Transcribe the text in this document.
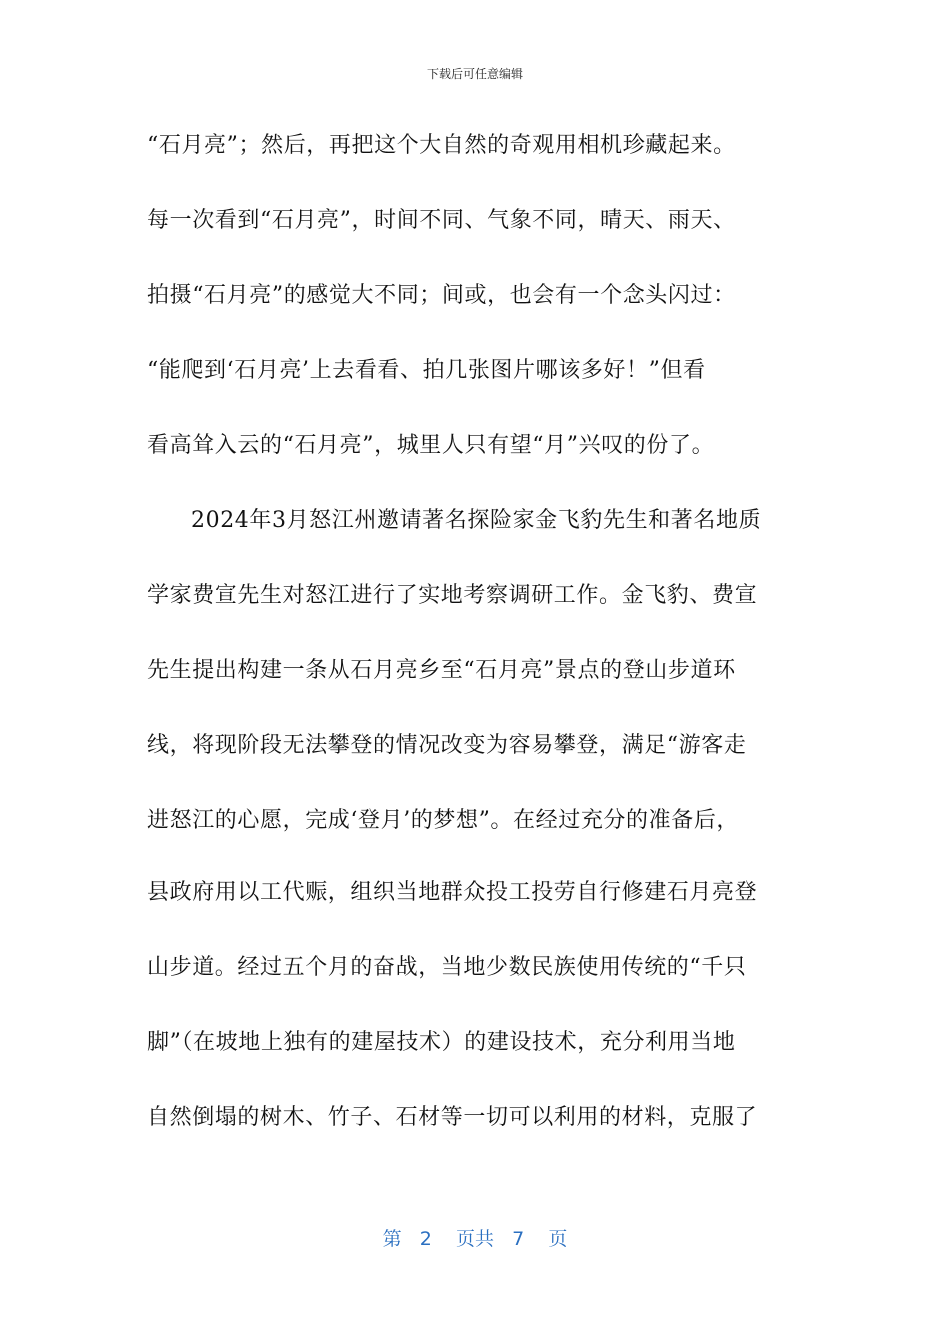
下载后可任意编辑
“石月亮”；然后，再把这个大自然的奇观用相机珍藏起来。
每一次看到“石月亮”，时间不同、气象不同，晴天、雨天、
拍摄“石月亮”的感觉大不同；间或，也会有一个念头闪过：
“能爬到‘石月亮’上去看看、拍几张图片哪该多好！”但看
看高耸入云的“石月亮”，城里人只有望“月”兴叹的份了。
2024年3月怒江州邀请著名探险家金飞豹先生和著名地质
学家费宣先生对怒江进行了实地考察调研工作。金飞豹、费宣
先生提出构建一条从石月亮乡至“石月亮”景点的登山步道环
线，将现阶段无法攀登的情况改变为容易攀登，满足“游客走
进怒江的心愿，完成‘登月’的梦想”。在经过充分的准备后，
县政府用以工代赈，组织当地群众投工投劳自行修建石月亮登
山步道。经过五个月的奋战，当地少数民族使用传统的“千只
脚”（在坡地上独有的建屋技术）的建设技术，充分利用当地
自然倒塌的树木、竹子、石材等一切可以利用的材料，克服了
第 2 页共 7 页
